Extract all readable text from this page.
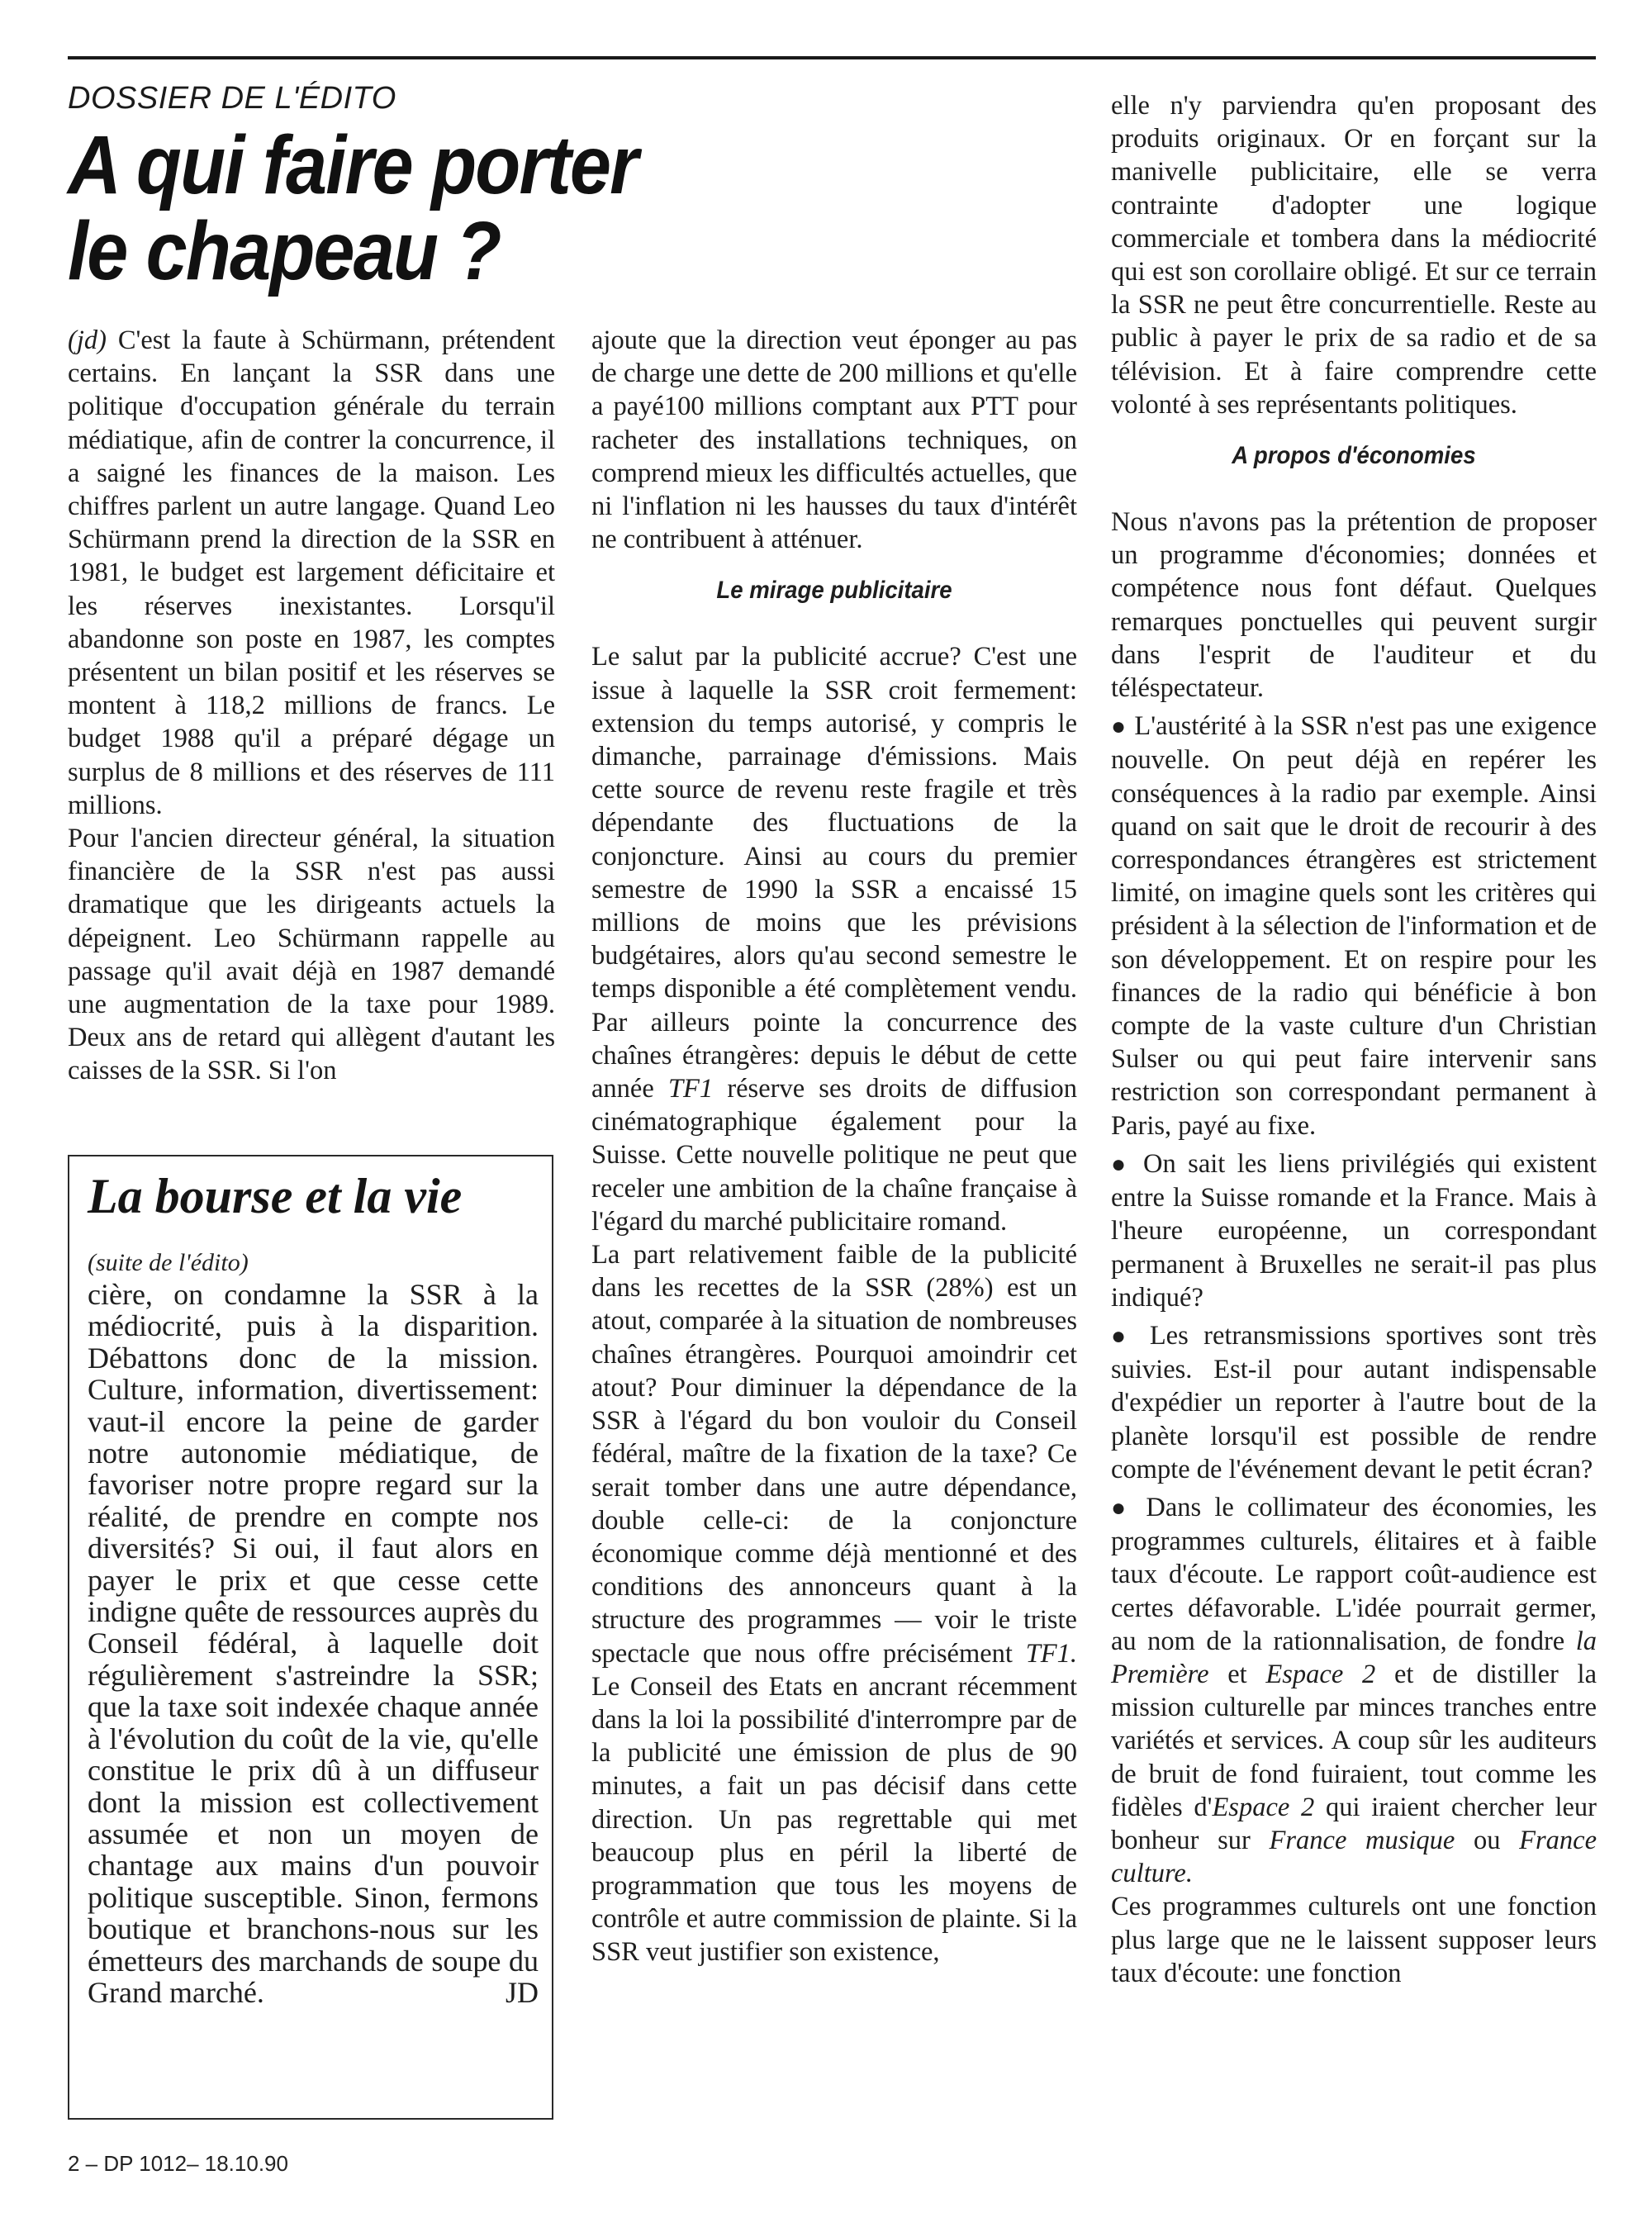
DOSSIER DE L'ÉDITO
A qui faire porter le chapeau ?

(jd) C'est la faute à Schürmann, prétendent certains. En lançant la SSR dans une politique d'occupation générale du terrain médiatique, afin de contrer la concurrence, il a saigné les finances de la maison. Les chiffres parlent un autre langage. Quand Leo Schürmann prend la direction de la SSR en 1981, le budget est largement déficitaire et les réserves inexistantes. Lorsqu'il abandonne son poste en 1987, les comptes présentent un bilan positif et les réserves se montent à 118,2 millions de francs. Le budget 1988 qu'il a préparé dégage un surplus de 8 millions et des réserves de 111 millions.

Pour l'ancien directeur général, la situation financière de la SSR n'est pas aussi dramatique que les dirigeants actuels la dépeignent. Leo Schürmann rappelle au passage qu'il avait déjà en 1987 demandé une augmentation de la taxe pour 1989. Deux ans de retard qui allègent d'autant les caisses de la SSR. Si l'on

La bourse et la vie

(suite de l'édito)

cière, on condamne la SSR à la médiocrité, puis à la disparition. Débattons donc de la mission. Culture, information, divertissement: vaut-il encore la peine de garder notre autonomie médiatique, de favoriser notre propre regard sur la réalité, de prendre en compte nos diversités? Si oui, il faut alors en payer le prix et que cesse cette indigne quête de ressources auprès du Conseil fédéral, à laquelle doit régulièrement s'astreindre la SSR; que la taxe soit indexée chaque année à l'évolution du coût de la vie, qu'elle constitue le prix dû à un diffuseur dont la mission est collectivement assumée et non un moyen de chantage aux mains d'un pouvoir politique susceptible. Sinon, fermons boutique et branchons-nous sur les émetteurs des marchands de soupe du Grand marché.	JD

ajoute que la direction veut éponger au pas de charge une dette de 200 millions et qu'elle a payé100 millions comptant aux PTT pour racheter des installations techniques, on comprend mieux les difficultés actuelles, que ni l'inflation ni les hausses du taux d'intérêt ne contribuent à atténuer.

Le mirage publicitaire

Le salut par la publicité accrue? C'est une issue à laquelle la SSR croit fermement: extension du temps autorisé, y compris le dimanche, parrainage d'émissions. Mais cette source de revenu reste fragile et très dépendante des fluctuations de la conjoncture. Ainsi au cours du premier semestre de 1990 la SSR a encaissé 15 millions de moins que les prévisions budgétaires, alors qu'au second semestre le temps disponible a été complètement vendu. Par ailleurs pointe la concurrence des chaînes étrangères: depuis le début de cette année TF1 réserve ses droits de diffusion cinématographique également pour la Suisse. Cette nouvelle politique ne peut que receler une ambition de la chaîne française à l'égard du marché publicitaire romand.

La part relativement faible de la publicité dans les recettes de la SSR (28%) est un atout, comparée à la situation de nombreuses chaînes étrangères. Pourquoi amoindrir cet atout? Pour diminuer la dépendance de la SSR à l'égard du bon vouloir du Conseil fédéral, maître de la fixation de la taxe? Ce serait tomber dans une autre dépendance, double celle-ci: de la conjoncture économique comme déjà mentionné et des conditions des annonceurs quant à la structure des programmes — voir le triste spectacle que nous offre précisément TF1. Le Conseil des Etats en ancrant récemment dans la loi la possibilité d'interrompre par de la publicité une émission de plus de 90 minutes, a fait un pas décisif dans cette direction. Un pas regrettable qui met beaucoup plus en péril la liberté de programmation que tous les moyens de contrôle et autre commission de plainte. Si la SSR veut justifier son existence,

elle n'y parviendra qu'en proposant des produits originaux. Or en forçant sur la manivelle publicitaire, elle se verra contrainte d'adopter une logique commerciale et tombera dans la médiocrité qui est son corollaire obligé. Et sur ce terrain la SSR ne peut être concurrentielle. Reste au public à payer le prix de sa radio et de sa télévision. Et à faire comprendre cette volonté à ses représentants politiques.

A propos d'économies

Nous n'avons pas la prétention de proposer un programme d'économies; données et compétence nous font défaut. Quelques remarques ponctuelles qui peuvent surgir dans l'esprit de l'auditeur et du téléspectateur.

● L'austérité à la SSR n'est pas une exigence nouvelle. On peut déjà en repérer les conséquences à la radio par exemple. Ainsi quand on sait que le droit de recourir à des correspondances étrangères est strictement limité, on imagine quels sont les critères qui président à la sélection de l'information et de son développement. Et on respire pour les finances de la radio qui bénéficie à bon compte de la vaste culture d'un Christian Sulser ou qui peut faire intervenir sans restriction son correspondant permanent à Paris, payé au fixe.

● On sait les liens privilégiés qui existent entre la Suisse romande et la France. Mais à l'heure européenne, un correspondant permanent à Bruxelles ne serait-il pas plus indiqué?

● Les retransmissions sportives sont très suivies. Est-il pour autant indispensable d'expédier un reporter à l'autre bout de la planète lorsqu'il est possible de rendre compte de l'événement devant le petit écran?

● Dans le collimateur des économies, les programmes culturels, élitaires et à faible taux d'écoute. Le rapport coût-audience est certes défavorable. L'idée pourrait germer, au nom de la rationnalisation, de fondre la Première et Espace 2 et de distiller la mission culturelle par minces tranches entre variétés et services. A coup sûr les auditeurs de bruit de fond fuiraient, tout comme les fidèles d'Espace 2 qui iraient chercher leur bonheur sur France musique ou France culture.

Ces programmes culturels ont une fonction plus large que ne le laissent supposer leurs taux d'écoute: une fonction

2 – DP 1012– 18.10.90
